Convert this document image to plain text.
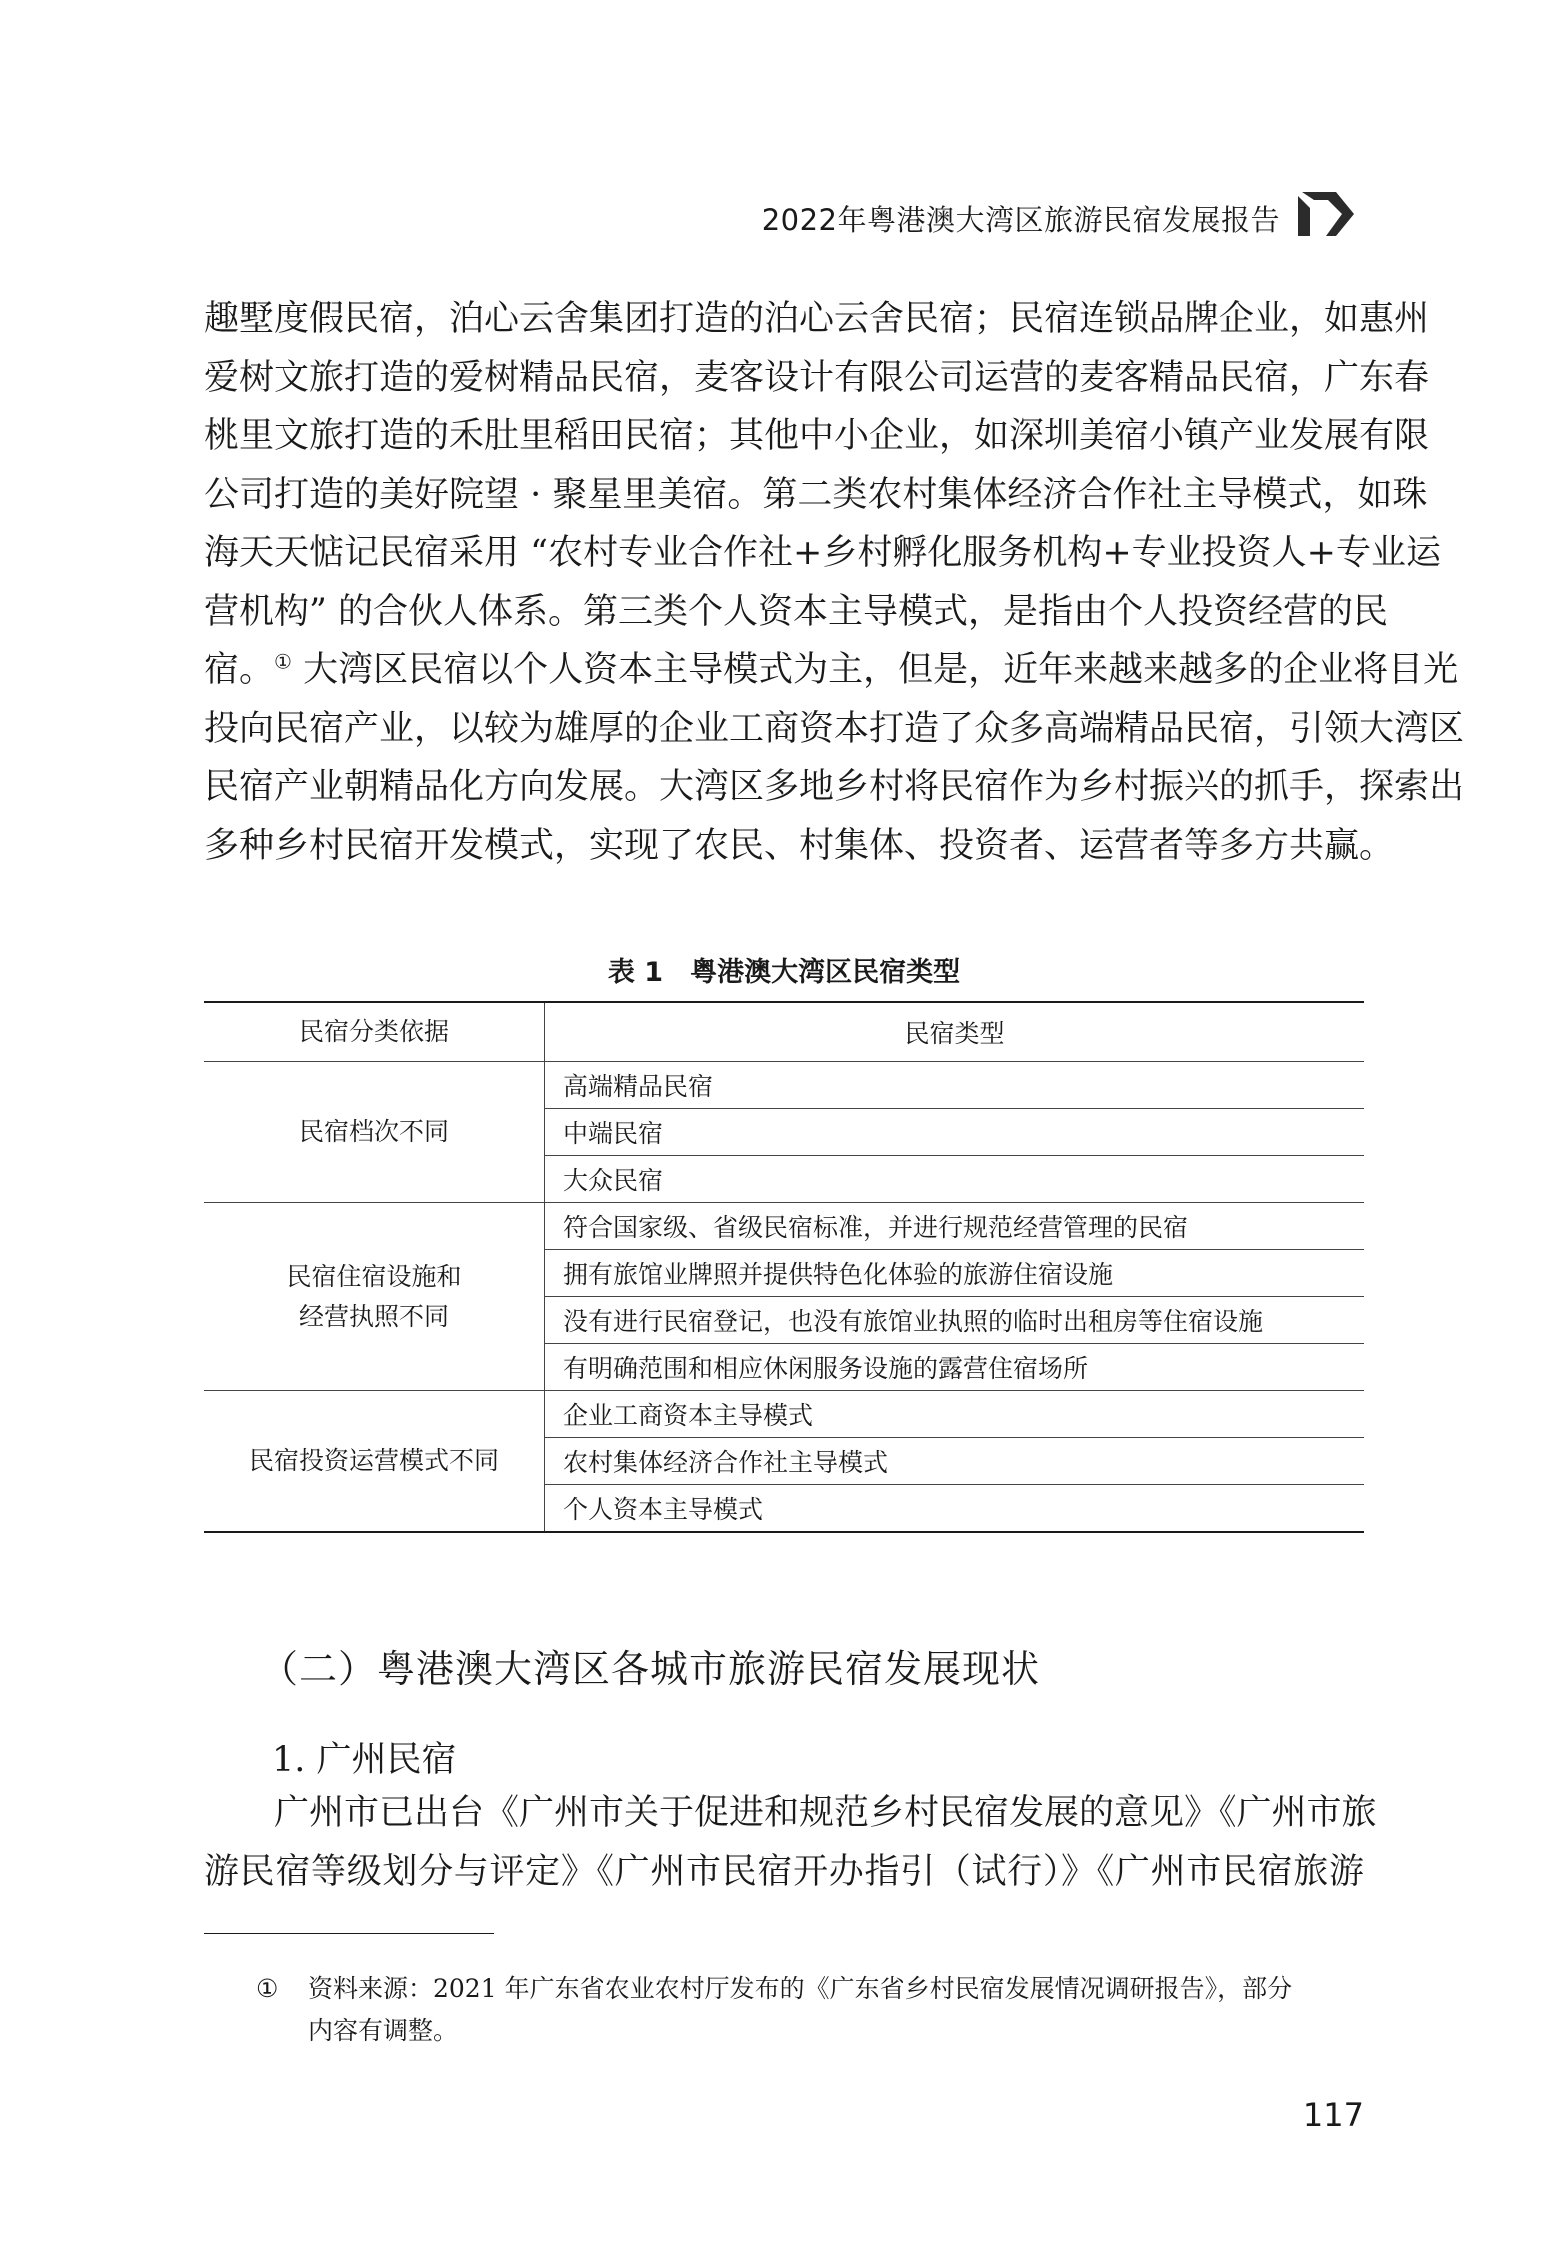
2022年粤港澳大湾区旅游民宿发展报告
趣墅度假民宿，泊心云舍集团打造的泊心云舍民宿；民宿连锁品牌企业，如惠州
爱树文旅打造的爱树精品民宿，麦客设计有限公司运营的麦客精品民宿，广东春
桃里文旅打造的禾肚里稻田民宿；其他中小企业，如深圳美宿小镇产业发展有限
公司打造的美好院望 · 聚星里美宿。第二类农村集体经济合作社主导模式，如珠
海天天惦记民宿采用 “农村专业合作社+乡村孵化服务机构+专业投资人+专业运
营机构” 的合伙人体系。第三类个人资本主导模式，是指由个人投资经营的民
宿。① 大湾区民宿以个人资本主导模式为主，但是，近年来越来越多的企业将目光
投向民宿产业，以较为雄厚的企业工商资本打造了众多高端精品民宿，引领大湾区
民宿产业朝精品化方向发展。大湾区多地乡村将民宿作为乡村振兴的抓手，探索出
多种乡村民宿开发模式，实现了农民、村集体、投资者、运营者等多方共赢。
表 1　粤港澳大湾区民宿类型
民宿分类依据	民宿类型
民宿档次不同	高端精品民宿
	中端民宿
	大众民宿
民宿住宿设施和
经营执照不同	符合国家级、省级民宿标准，并进行规范经营管理的民宿
	拥有旅馆业牌照并提供特色化体验的旅游住宿设施
	没有进行民宿登记，也没有旅馆业执照的临时出租房等住宿设施
	有明确范围和相应休闲服务设施的露营住宿场所
民宿投资运营模式不同	企业工商资本主导模式
	农村集体经济合作社主导模式
	个人资本主导模式
（二）粤港澳大湾区各城市旅游民宿发展现状
1. 广州民宿
广州市已出台《广州市关于促进和规范乡村民宿发展的意见》《广州市旅
游民宿等级划分与评定》《广州市民宿开办指引（试行）》《广州市民宿旅游
① 资料来源：2021 年广东省农业农村厅发布的《广东省乡村民宿发展情况调研报告》，部分
内容有调整。
117
